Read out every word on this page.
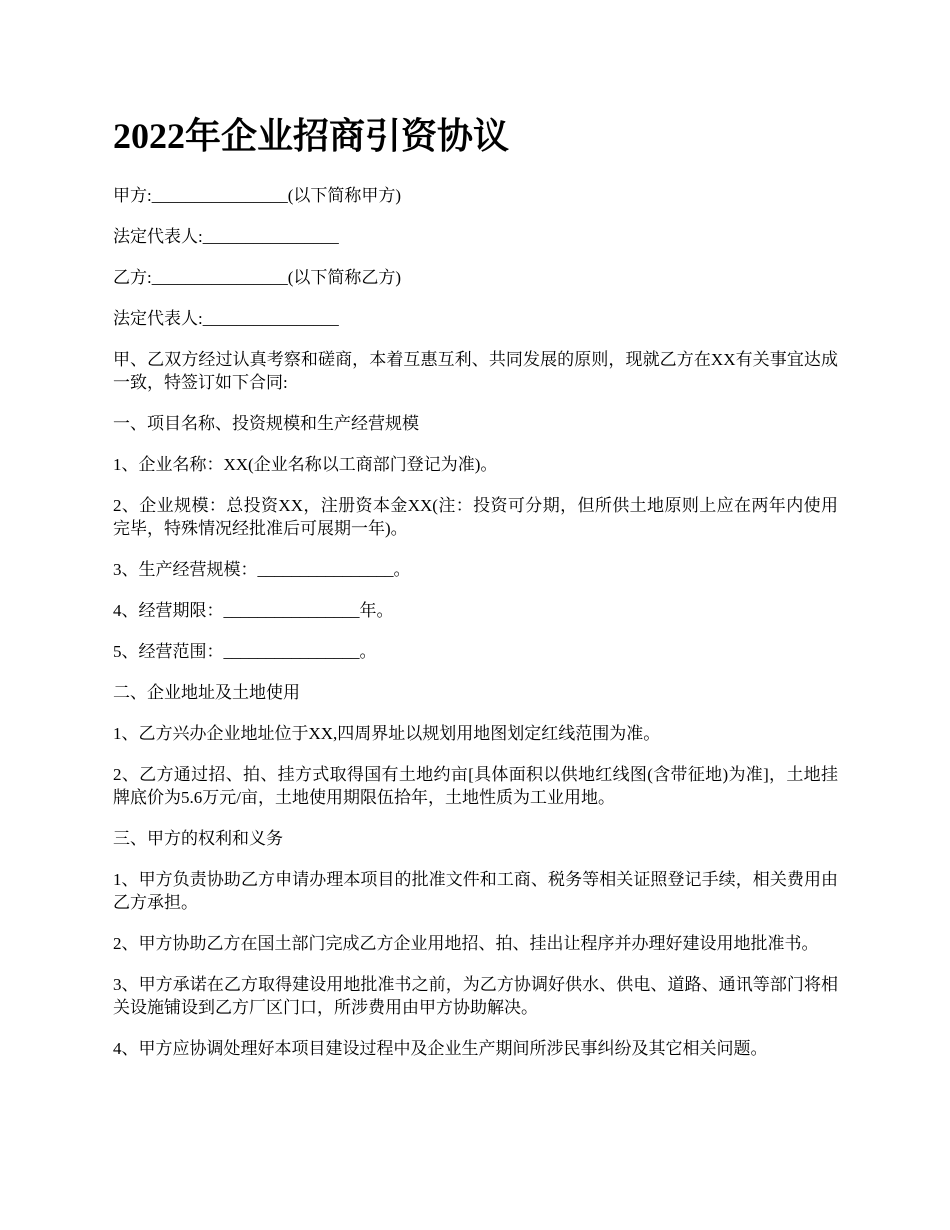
2022年企业招商引资协议

甲方:________________(以下简称甲方)

法定代表人:________________

乙方:________________(以下简称乙方)

法定代表人:________________

甲、乙双方经过认真考察和磋商，本着互惠互利、共同发展的原则，现就乙方在XX有关事宜达成一致，特签订如下合同:

一、项目名称、投资规模和生产经营规模

1、企业名称：XX(企业名称以工商部门登记为准)。

2、企业规模：总投资XX，注册资本金XX(注：投资可分期，但所供土地原则上应在两年内使用完毕，特殊情况经批准后可展期一年)。

3、生产经营规模：________________。

4、经营期限：________________年。

5、经营范围：________________。

二、企业地址及土地使用

1、乙方兴办企业地址位于XX,四周界址以规划用地图划定红线范围为准。

2、乙方通过招、拍、挂方式取得国有土地约亩[具体面积以供地红线图(含带征地)为准]，土地挂牌底价为5.6万元/亩，土地使用期限伍拾年，土地性质为工业用地。

三、甲方的权利和义务

1、甲方负责协助乙方申请办理本项目的批准文件和工商、税务等相关证照登记手续，相关费用由乙方承担。

2、甲方协助乙方在国土部门完成乙方企业用地招、拍、挂出让程序并办理好建设用地批准书。

3、甲方承诺在乙方取得建设用地批准书之前，为乙方协调好供水、供电、道路、通讯等部门将相关设施铺设到乙方厂区门口，所涉费用由甲方协助解决。

4、甲方应协调处理好本项目建设过程中及企业生产期间所涉民事纠纷及其它相关问题。
